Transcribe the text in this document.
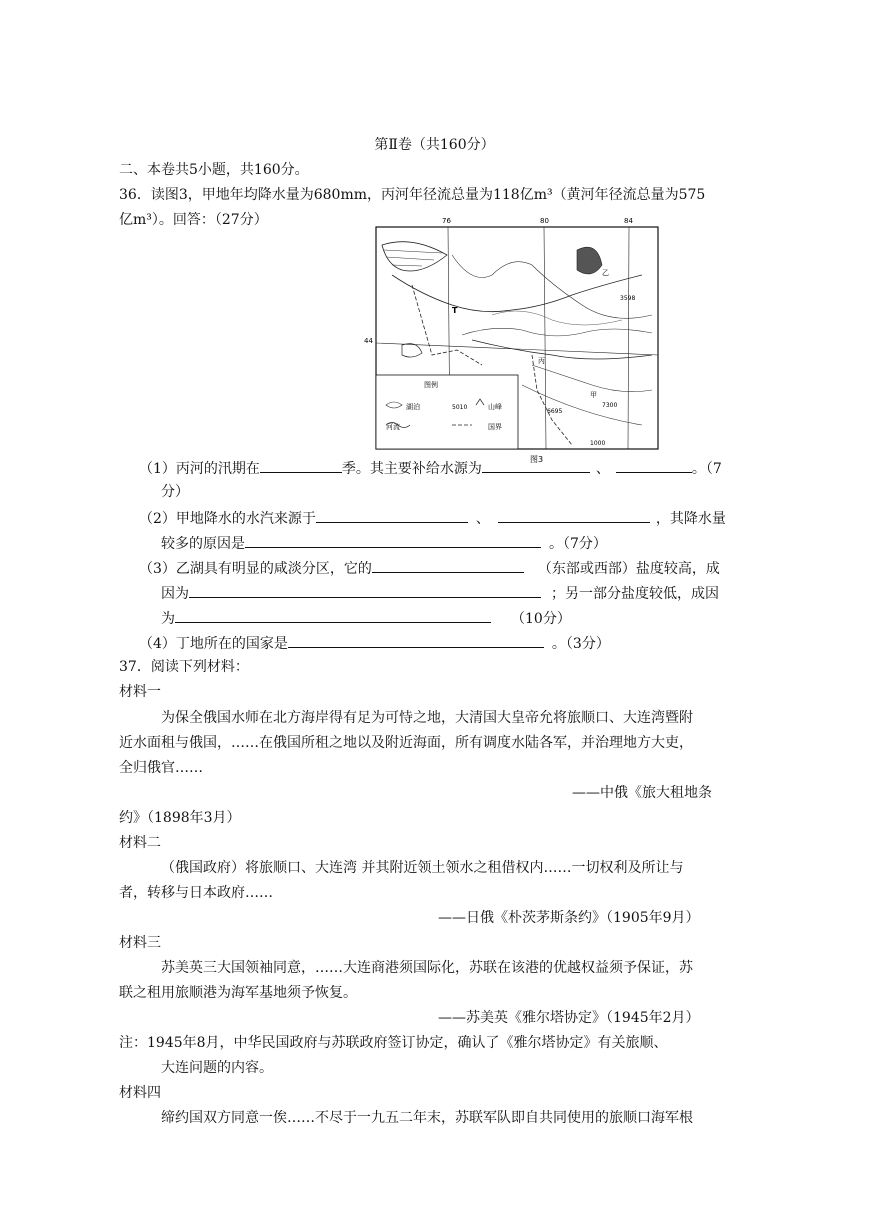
第Ⅱ卷（共160分）
二、本卷共5小题，共160分。
36．读图3，甲地年均降水量为680mm，丙河年径流总量为118亿m³（黄河年径流总量为575
亿m³）。回答：（27分）	76	80	84
44
T
丙
甲
乙
3598
7300
6695
1000
图例
湖泊	5010	山峰
河流	国界
图3
（1）丙河的汛期在	季。其主要补给水源为	、	。（7
分）
（2）甲地降水的水汽来源于	、	，其降水量
较多的原因是	。（7分）
（3）乙湖具有明显的咸淡分区，它的	（东部或西部）盐度较高，成
因为	；另一部分盐度较低，成因
为	（10分）
（4）丁地所在的国家是	。（3分）
37．阅读下列材料：
材料一
为保全俄国水师在北方海岸得有足为可恃之地，大清国大皇帝允将旅顺口、大连湾暨附
近水面租与俄国，……在俄国所租之地以及附近海面，所有调度水陆各军，并治理地方大吏，
全归俄官……
——中俄《旅大租地条
约》（1898年3月）
材料二
（俄国政府）将旅顺口、大连湾 并其附近领土领水之租借权内……一切权利及所让与
者，转移与日本政府……
——日俄《朴茨茅斯条约》（1905年9月）
材料三
苏美英三大国领袖同意，……大连商港须国际化，苏联在该港的优越权益须予保证，苏
联之租用旅顺港为海军基地须予恢复。
——苏美英《雅尔塔协定》（1945年2月）
注：1945年8月，中华民国政府与苏联政府签订协定，确认了《雅尔塔协定》有关旅顺、
大连问题的内容。
材料四
缔约国双方同意一俟……不尽于一九五二年末，苏联军队即自共同使用的旅顺口海军根
